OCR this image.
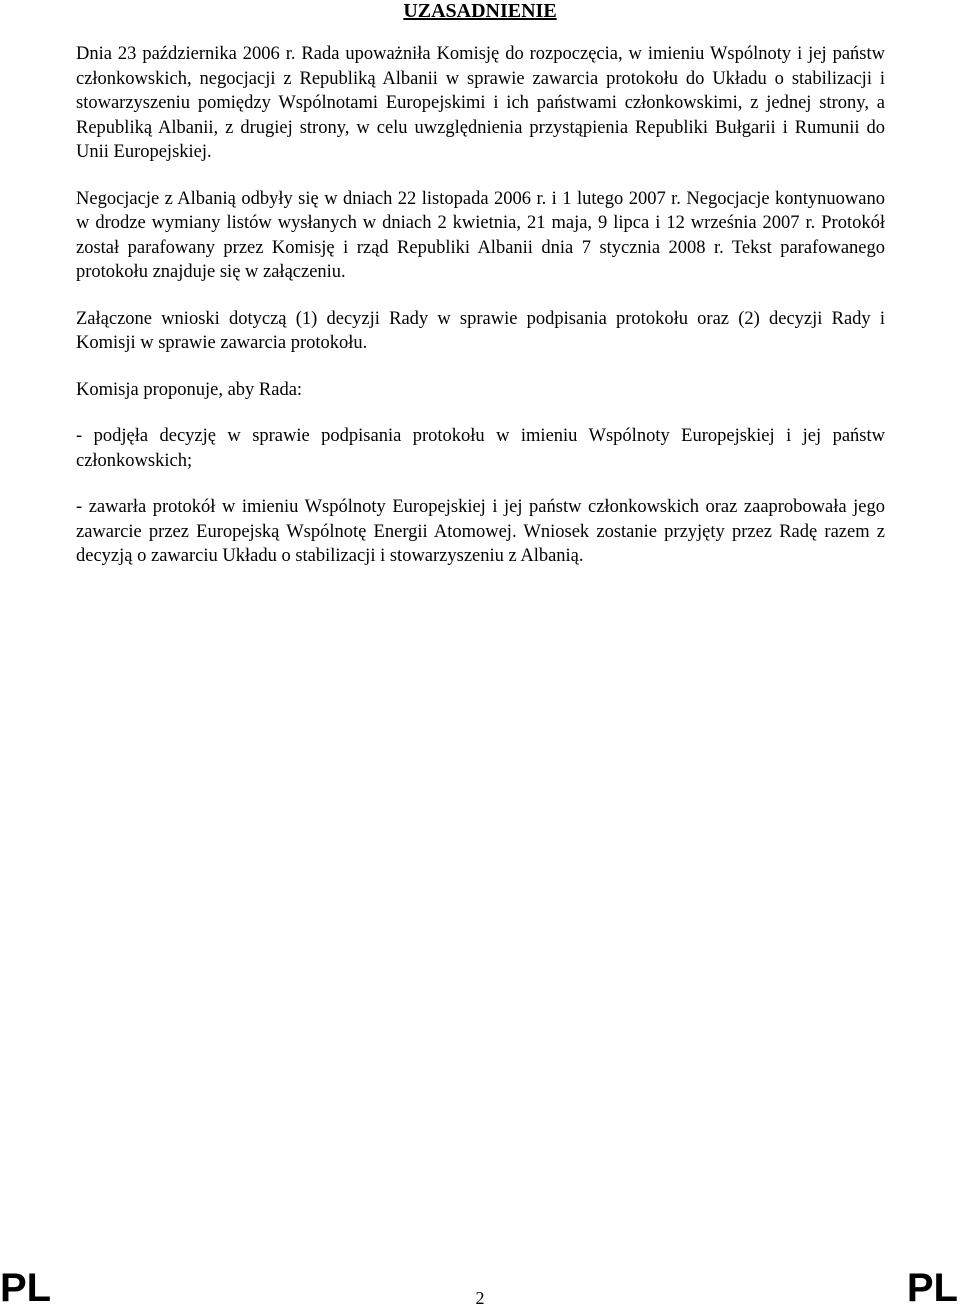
UZASADNIENIE

Dnia 23 października 2006 r. Rada upoważniła Komisję do rozpoczęcia, w imieniu Wspólnoty i jej państw członkowskich, negocjacji z Republiką Albanii w sprawie zawarcia protokołu do Układu o stabilizacji i stowarzyszeniu pomiędzy Wspólnotami Europejskimi i ich państwami członkowskimi, z jednej strony, a Republiką Albanii, z drugiej strony, w celu uwzględnienia przystąpienia Republiki Bułgarii i Rumunii do Unii Europejskiej.

Negocjacje z Albanią odbyły się w dniach 22 listopada 2006 r. i 1 lutego 2007 r. Negocjacje kontynuowano w drodze wymiany listów wysłanych w dniach 2 kwietnia, 21 maja, 9 lipca i 12 września 2007 r. Protokół został parafowany przez Komisję i rząd Republiki Albanii dnia 7 stycznia 2008 r. Tekst parafowanego protokołu znajduje się w załączeniu.

Załączone wnioski dotyczą (1) decyzji Rady w sprawie podpisania protokołu oraz (2) decyzji Rady i Komisji w sprawie zawarcia protokołu.

Komisja proponuje, aby Rada:

- podjęła decyzję w sprawie podpisania protokołu w imieniu Wspólnoty Europejskiej i jej państw członkowskich;

- zawarła protokół w imieniu Wspólnoty Europejskiej i jej państw członkowskich oraz zaaprobowała jego zawarcie przez Europejską Wspólnotę Energii Atomowej. Wniosek zostanie przyjęty przez Radę razem z decyzją o zawarciu Układu o stabilizacji i stowarzyszeniu z Albanią.

PL	2	PL
